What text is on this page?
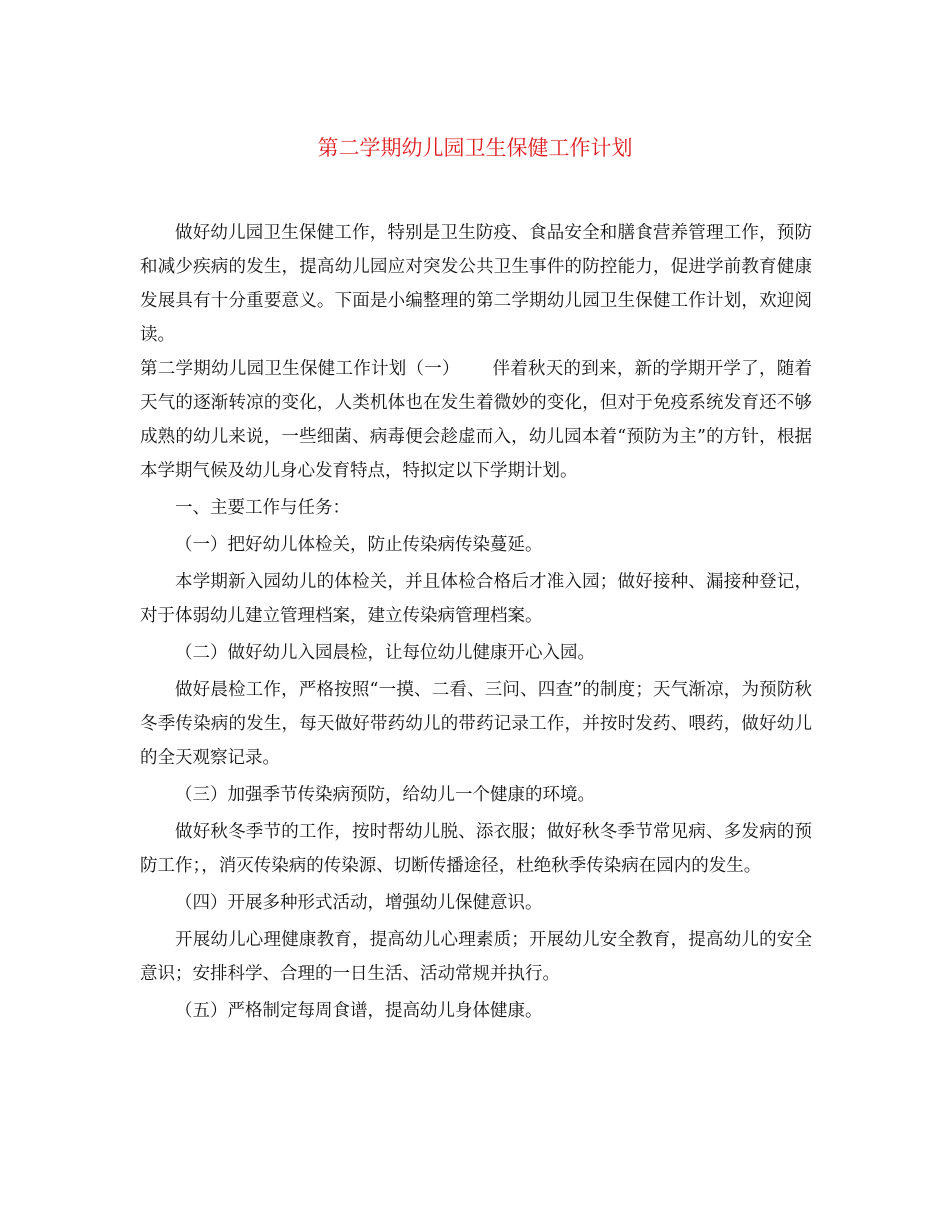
第二学期幼儿园卫生保健工作计划

做好幼儿园卫生保健工作，特别是卫生防疫、食品安全和膳食营养管理工作，预防和减少疾病的发生，提高幼儿园应对突发公共卫生事件的防控能力，促进学前教育健康发展具有十分重要意义。下面是小编整理的第二学期幼儿园卫生保健工作计划，欢迎阅读。

第二学期幼儿园卫生保健工作计划（一）　　 伴着秋天的到来，新的学期开学了，随着天气的逐渐转凉的变化，人类机体也在发生着微妙的变化，但对于免疫系统发育还不够成熟的幼儿来说，一些细菌、病毒便会趁虚而入，幼儿园本着“预防为主”的方针，根据本学期气候及幼儿身心发育特点，特拟定以下学期计划。

一、主要工作与任务：

（一）把好幼儿体检关，防止传染病传染蔓延。

本学期新入园幼儿的体检关，并且体检合格后才准入园；做好接种、漏接种登记，对于体弱幼儿建立管理档案，建立传染病管理档案。

（二）做好幼儿入园晨检，让每位幼儿健康开心入园。

做好晨检工作，严格按照“一摸、二看、三问、四查”的制度；天气渐凉，为预防秋冬季传染病的发生，每天做好带药幼儿的带药记录工作，并按时发药、喂药，做好幼儿的全天观察记录。

（三）加强季节传染病预防，给幼儿一个健康的环境。

做好秋冬季节的工作，按时帮幼儿脱、添衣服；做好秋冬季节常见病、多发病的预防工作；，消灭传染病的传染源、切断传播途径，杜绝秋季传染病在园内的发生。

（四）开展多种形式活动，增强幼儿保健意识。

开展幼儿心理健康教育，提高幼儿心理素质；开展幼儿安全教育，提高幼儿的安全意识；安排科学、合理的一日生活、活动常规并执行。

（五）严格制定每周食谱，提高幼儿身体健康。
